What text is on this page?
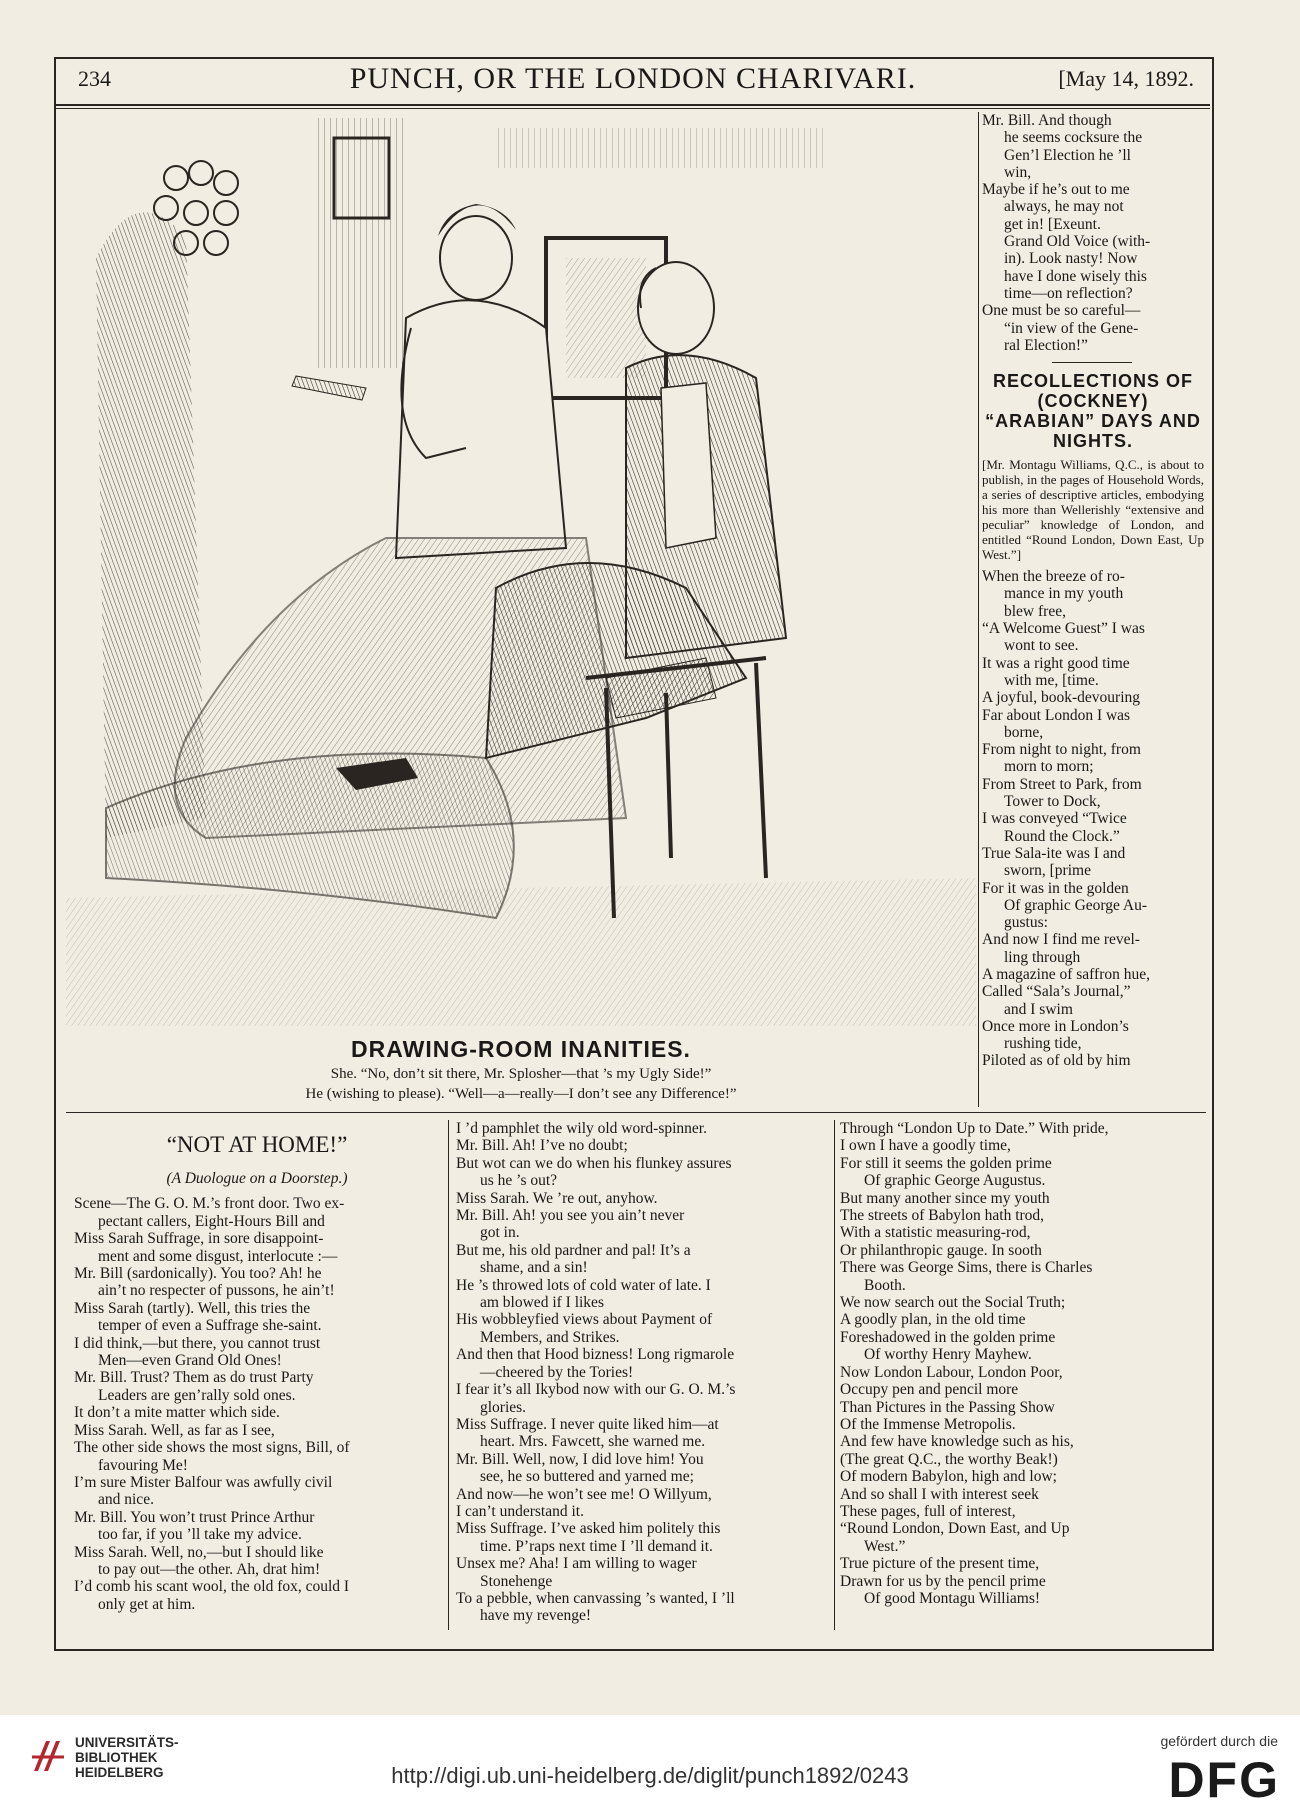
234	PUNCH, OR THE LONDON CHARIVARI.	[May 14, 1892.
DRAWING-ROOM INANITIES.
She. “No, don’t sit there, Mr. Splosher—that ’s my Ugly Side!”
He (wishing to please). “Well—a—really—I don’t see any Difference!”

Mr. Bill. And though

he seems cocksure the

Gen’l Election he ’ll

win,

Maybe if he’s out to me

always, he may not

get in! [Exeunt.

Grand Old Voice (with-

in). Look nasty! Now

have I done wisely this

time—on reflection?

One must be so careful—

“in view of the Gene-

ral Election!”

RECOLLECTIONS OF (COCKNEY) “ARABIAN” DAYS AND NIGHTS.

[Mr. Montagu Williams, Q.C., is about to publish, in the pages of Household Words, a series of descriptive articles, embodying his more than Wellerishly “extensive and peculiar” knowledge of London, and entitled “Round London, Down East, Up West.”]

When the breeze of ro-

mance in my youth

blew free,

“A Welcome Guest” I was

wont to see.

It was a right good time

with me, [time.

A joyful, book-devouring

Far about London I was

borne,

From night to night, from

morn to morn;

From Street to Park, from

Tower to Dock,

I was conveyed “Twice

Round the Clock.”

True Sala-ite was I and

sworn, [prime

For it was in the golden

Of graphic George Au-

gustus:

And now I find me revel-

ling through

A magazine of saffron hue,

Called “Sala’s Journal,”

and I swim

Once more in London’s

rushing tide,

Piloted as of old by him

“NOT AT HOME!”
(A Duologue on a Doorstep.)

Scene—The G. O. M.’s front door. Two ex-

pectant callers, Eight-Hours Bill and

Miss Sarah Suffrage, in sore disappoint-

ment and some disgust, interlocute :—

Mr. Bill (sardonically). You too? Ah! he

ain’t no respecter of pussons, he ain’t!

Miss Sarah (tartly). Well, this tries the

temper of even a Suffrage she-saint.

I did think,—but there, you cannot trust

Men—even Grand Old Ones!

Mr. Bill. Trust? Them as do trust Party

Leaders are gen’rally sold ones.

It don’t a mite matter which side.

Miss Sarah. Well, as far as I see,

The other side shows the most signs, Bill, of

favouring Me!

I’m sure Mister Balfour was awfully civil

and nice.

Mr. Bill. You won’t trust Prince Arthur

too far, if you ’ll take my advice.

Miss Sarah. Well, no,—but I should like

to pay out—the other. Ah, drat him!

I’d comb his scant wool, the old fox, could I

only get at him.

I ’d pamphlet the wily old word-spinner.

Mr. Bill. Ah! I’ve no doubt;

But wot can we do when his flunkey assures

us he ’s out?

Miss Sarah. We ’re out, anyhow.

Mr. Bill. Ah! you see you ain’t never

got in.

But me, his old pardner and pal! It’s a

shame, and a sin!

He ’s throwed lots of cold water of late. I

am blowed if I likes

His wobbleyfied views about Payment of

Members, and Strikes.

And then that Hood bizness! Long rigmarole

—cheered by the Tories!

I fear it’s all Ikybod now with our G. O. M.’s

glories.

Miss Suffrage. I never quite liked him—at

heart. Mrs. Fawcett, she warned me.

Mr. Bill. Well, now, I did love him! You

see, he so buttered and yarned me;

And now—he won’t see me! O Willyum,

I can’t understand it.

Miss Suffrage. I’ve asked him politely this

time. P’raps next time I ’ll demand it.

Unsex me? Aha! I am willing to wager

Stonehenge

To a pebble, when canvassing ’s wanted, I ’ll

have my revenge!

Through “London Up to Date.” With pride,

I own I have a goodly time,

For still it seems the golden prime

Of graphic George Augustus.

But many another since my youth

The streets of Babylon hath trod,

With a statistic measuring-rod,

Or philanthropic gauge. In sooth

There was George Sims, there is Charles

Booth.

We now search out the Social Truth;

A goodly plan, in the old time

Foreshadowed in the golden prime

Of worthy Henry Mayhew.

Now London Labour, London Poor,

Occupy pen and pencil more

Than Pictures in the Passing Show

Of the Immense Metropolis.

And few have knowledge such as his,

(The great Q.C., the worthy Beak!)

Of modern Babylon, high and low;

And so shall I with interest seek

These pages, full of interest,

“Round London, Down East, and Up

West.”

True picture of the present time,

Drawn for us by the pencil prime

Of good Montagu Williams!

UNIVERSITÄTS-
BIBLIOTHEK
HEIDELBERG	http://digi.ub.uni-heidelberg.de/diglit/punch1892/0243
gefördert durch die
DFG
